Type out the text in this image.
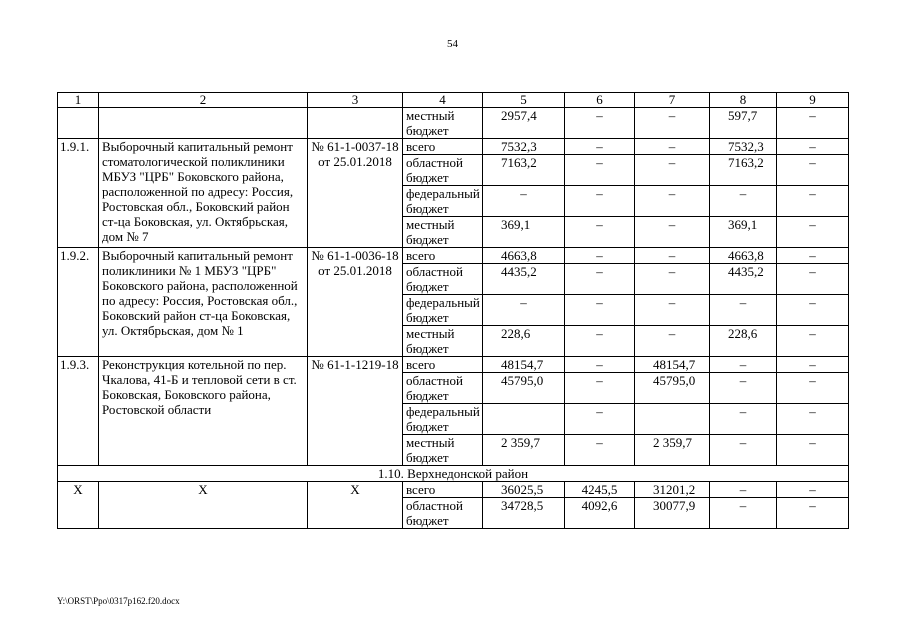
54
1	2	3	4	5	6	7	8	9
			местный бюджет	2957,4	–	–	597,7	–
1.9.1.	Выборочный капитальный ремонт стоматологической поликлиники МБУЗ "ЦРБ" Боковского района, расположенной по адресу: Россия, Ростовская обл., Боковский район ст-ца Боковская, ул. Октябрьская, дом № 7	№ 61-1-0037-18 от 25.01.2018	всего	7532,3	–	–	7532,3	–
			областной бюджет	7163,2	–	–	7163,2	–
			федеральный бюджет	–	–	–	–	–
			местный бюджет	369,1	–	–	369,1	–
1.9.2.	Выборочный капитальный ремонт поликлиники № 1 МБУЗ "ЦРБ" Боковского района, расположенной по адресу: Россия, Ростовская обл., Боковский район ст-ца Боковская, ул. Октябрьская, дом № 1	№ 61-1-0036-18 от 25.01.2018	всего	4663,8	–	–	4663,8	–
			областной бюджет	4435,2	–	–	4435,2	–
			федеральный бюджет	–	–	–	–	–
			местный бюджет	228,6	–	–	228,6	–
1.9.3.	Реконструкция котельной по пер. Чкалова, 41-Б и тепловой сети в ст. Боковская, Боковского района, Ростовской области	№ 61-1-1219-18	всего	48154,7	–	48154,7	–	–
			областной бюджет	45795,0	–	45795,0	–	–
			федеральный бюджет		–		–	–
			местный бюджет	2 359,7	–	2 359,7	–	–
1.10. Верхнедонской район								
Х	Х	Х	всего	36025,5	4245,5	31201,2	–	–
			областной бюджет	34728,5	4092,6	30077,9	–	–
Y:\ORST\Ppo\0317p162.f20.docx
